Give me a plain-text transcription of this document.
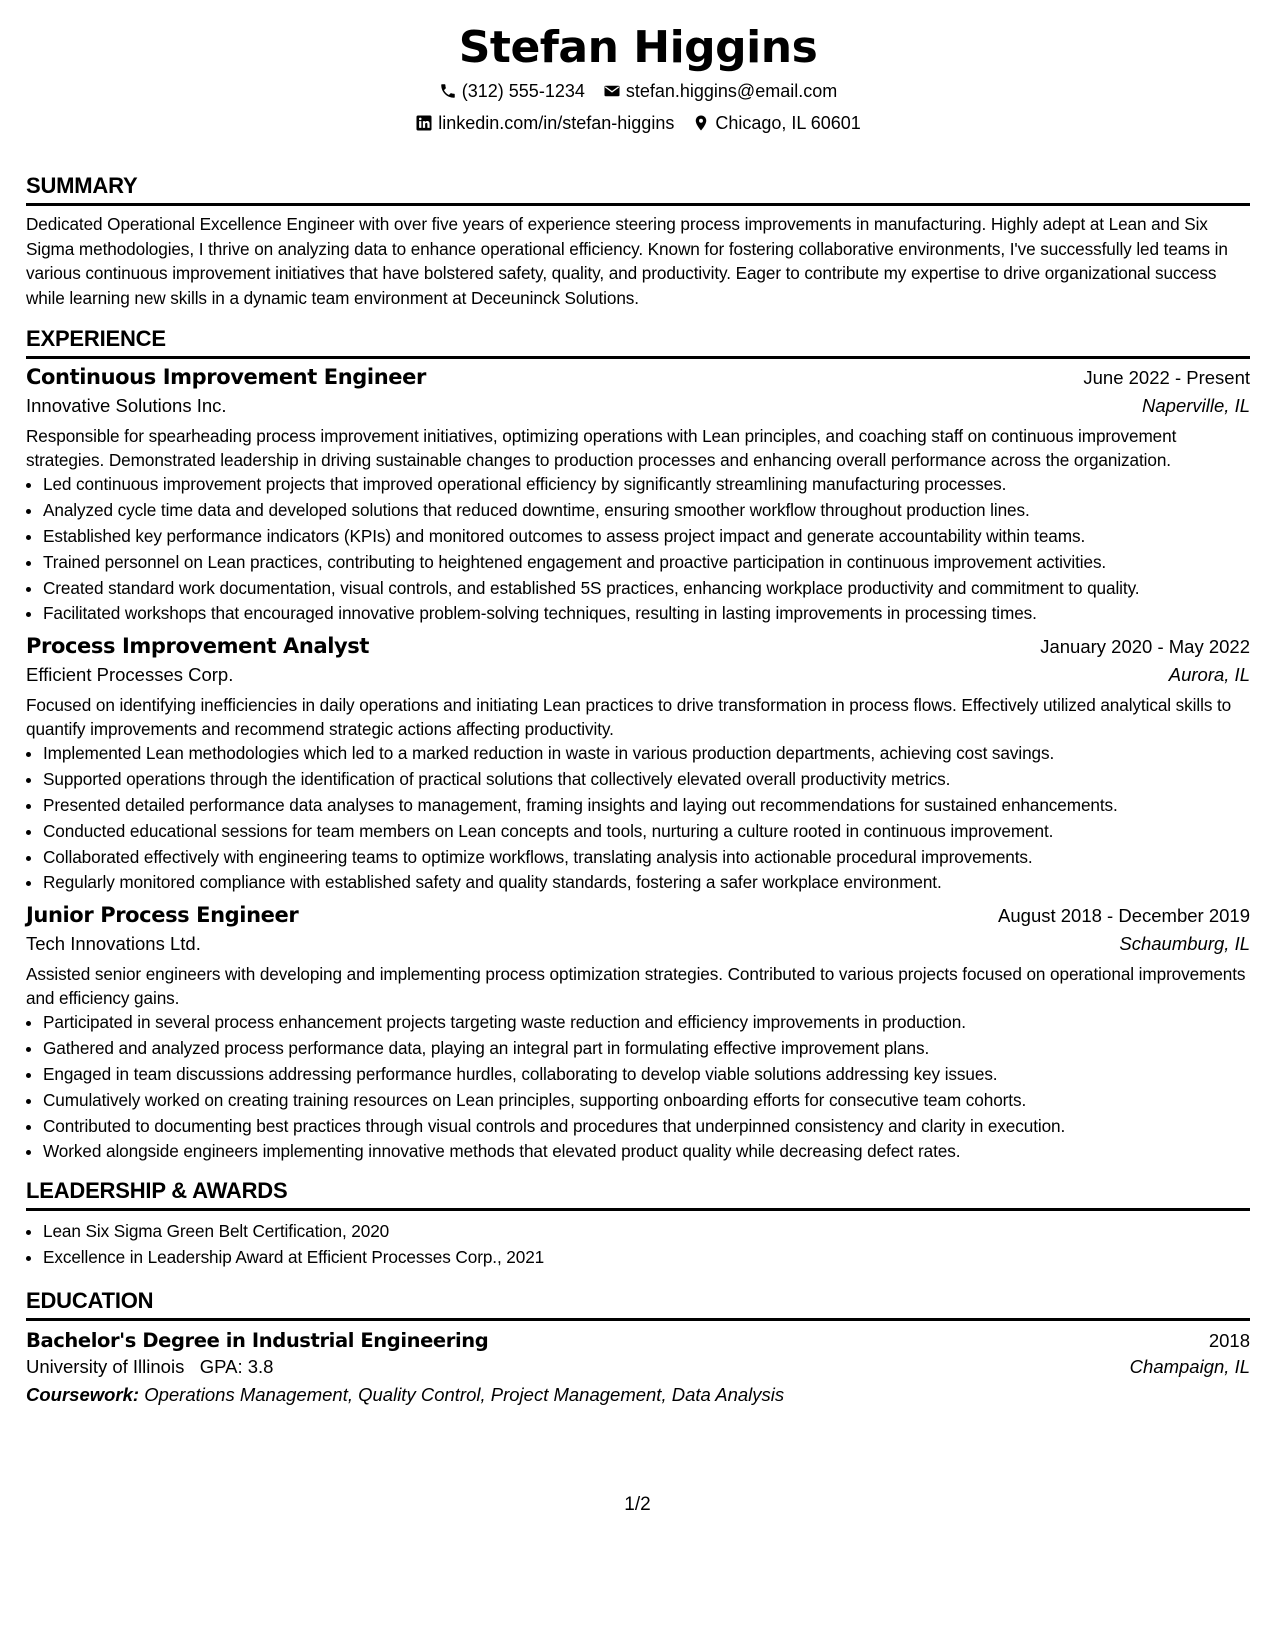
Stefan Higgins
(312) 555-1234 stefan.higgins@email.com
linkedin.com/in/stefan-higgins Chicago, IL 60601
SUMMARY
Dedicated Operational Excellence Engineer with over five years of experience steering process improvements in manufacturing. Highly adept at Lean and Six Sigma methodologies, I thrive on analyzing data to enhance operational efficiency. Known for fostering collaborative environments, I've successfully led teams in various continuous improvement initiatives that have bolstered safety, quality, and productivity. Eager to contribute my expertise to drive organizational success while learning new skills in a dynamic team environment at Deceuninck Solutions.
EXPERIENCE
Continuous Improvement Engineer	June 2022 - Present
Innovative Solutions Inc.	Naperville, IL
Responsible for spearheading process improvement initiatives, optimizing operations with Lean principles, and coaching staff on continuous improvement strategies. Demonstrated leadership in driving sustainable changes to production processes and enhancing overall performance across the organization.
• Led continuous improvement projects that improved operational efficiency by significantly streamlining manufacturing processes.
• Analyzed cycle time data and developed solutions that reduced downtime, ensuring smoother workflow throughout production lines.
• Established key performance indicators (KPIs) and monitored outcomes to assess project impact and generate accountability within teams.
• Trained personnel on Lean practices, contributing to heightened engagement and proactive participation in continuous improvement activities.
• Created standard work documentation, visual controls, and established 5S practices, enhancing workplace productivity and commitment to quality.
• Facilitated workshops that encouraged innovative problem-solving techniques, resulting in lasting improvements in processing times.
Process Improvement Analyst	January 2020 - May 2022
Efficient Processes Corp.	Aurora, IL
Focused on identifying inefficiencies in daily operations and initiating Lean practices to drive transformation in process flows. Effectively utilized analytical skills to quantify improvements and recommend strategic actions affecting productivity.
• Implemented Lean methodologies which led to a marked reduction in waste in various production departments, achieving cost savings.
• Supported operations through the identification of practical solutions that collectively elevated overall productivity metrics.
• Presented detailed performance data analyses to management, framing insights and laying out recommendations for sustained enhancements.
• Conducted educational sessions for team members on Lean concepts and tools, nurturing a culture rooted in continuous improvement.
• Collaborated effectively with engineering teams to optimize workflows, translating analysis into actionable procedural improvements.
• Regularly monitored compliance with established safety and quality standards, fostering a safer workplace environment.
Junior Process Engineer	August 2018 - December 2019
Tech Innovations Ltd.	Schaumburg, IL
Assisted senior engineers with developing and implementing process optimization strategies. Contributed to various projects focused on operational improvements and efficiency gains.
• Participated in several process enhancement projects targeting waste reduction and efficiency improvements in production.
• Gathered and analyzed process performance data, playing an integral part in formulating effective improvement plans.
• Engaged in team discussions addressing performance hurdles, collaborating to develop viable solutions addressing key issues.
• Cumulatively worked on creating training resources on Lean principles, supporting onboarding efforts for consecutive team cohorts.
• Contributed to documenting best practices through visual controls and procedures that underpinned consistency and clarity in execution.
• Worked alongside engineers implementing innovative methods that elevated product quality while decreasing defect rates.
LEADERSHIP & AWARDS
• Lean Six Sigma Green Belt Certification, 2020
• Excellence in Leadership Award at Efficient Processes Corp., 2021
EDUCATION
Bachelor's Degree in Industrial Engineering	2018
University of Illinois GPA: 3.8	Champaign, IL
Coursework: Operations Management, Quality Control, Project Management, Data Analysis
1/2
